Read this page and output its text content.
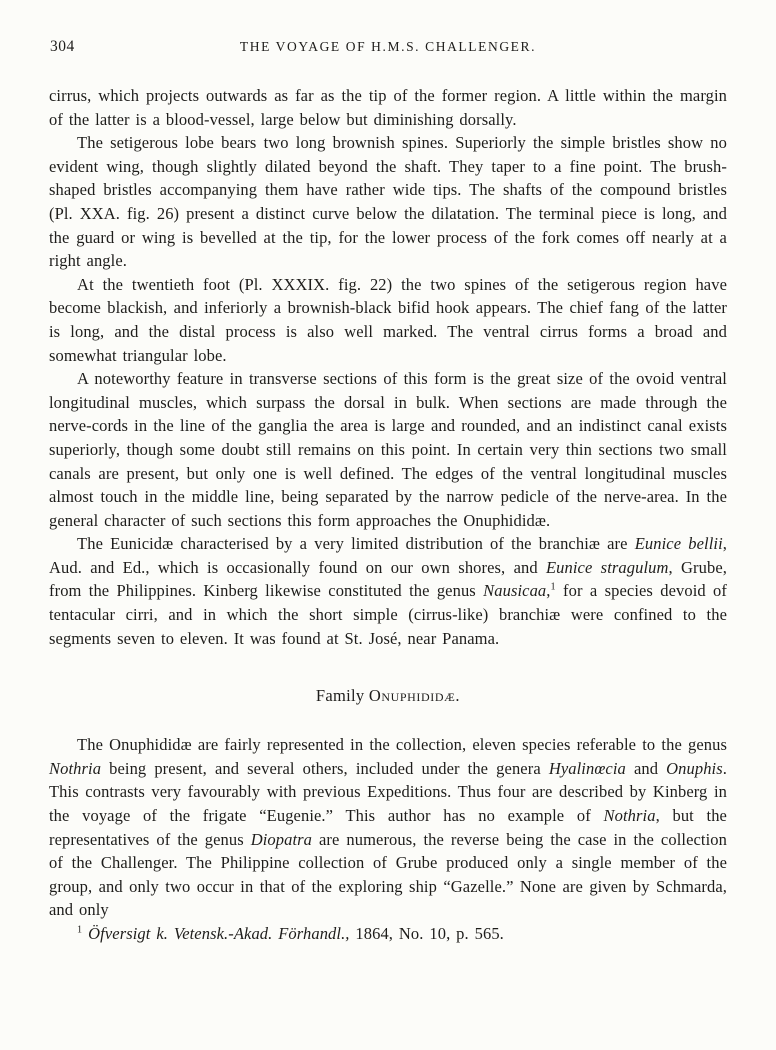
304	THE VOYAGE OF H.M.S. CHALLENGER.

cirrus, which projects outwards as far as the tip of the former region. A little within the margin of the latter is a blood-vessel, large below but diminishing dorsally.

The setigerous lobe bears two long brownish spines. Superiorly the simple bristles show no evident wing, though slightly dilated beyond the shaft. They taper to a fine point. The brush-shaped bristles accompanying them have rather wide tips. The shafts of the compound bristles (Pl. XXA. fig. 26) present a distinct curve below the dilatation. The terminal piece is long, and the guard or wing is bevelled at the tip, for the lower process of the fork comes off nearly at a right angle.

At the twentieth foot (Pl. XXXIX. fig. 22) the two spines of the setigerous region have become blackish, and inferiorly a brownish-black bifid hook appears. The chief fang of the latter is long, and the distal process is also well marked. The ventral cirrus forms a broad and somewhat triangular lobe.

A noteworthy feature in transverse sections of this form is the great size of the ovoid ventral longitudinal muscles, which surpass the dorsal in bulk. When sections are made through the nerve-cords in the line of the ganglia the area is large and rounded, and an indistinct canal exists superiorly, though some doubt still remains on this point. In certain very thin sections two small canals are present, but only one is well defined. The edges of the ventral longitudinal muscles almost touch in the middle line, being separated by the narrow pedicle of the nerve-area. In the general character of such sections this form approaches the Onuphididæ.

The Eunicidæ characterised by a very limited distribution of the branchiæ are Eunice bellii, Aud. and Ed., which is occasionally found on our own shores, and Eunice stragulum, Grube, from the Philippines. Kinberg likewise constituted the genus Nausicaa,$^1$ for a species devoid of tentacular cirri, and in which the short simple (cirrus-like) branchiæ were confined to the segments seven to eleven. It was found at St. José, near Panama.

Family Onuphididæ.

The Onuphididæ are fairly represented in the collection, eleven species referable to the genus Nothria being present, and several others, included under the genera Hyalinœcia and Onuphis. This contrasts very favourably with previous Expeditions. Thus four are described by Kinberg in the voyage of the frigate “Eugenie.” This author has no example of Nothria, but the representatives of the genus Diopatra are numerous, the reverse being the case in the collection of the Challenger. The Philippine collection of Grube produced only a single member of the group, and only two occur in that of the exploring ship “Gazelle.” None are given by Schmarda, and only

$^1$ Öfversigt k. Vetensk.-Akad. Förhandl., 1864, No. 10, p. 565.
